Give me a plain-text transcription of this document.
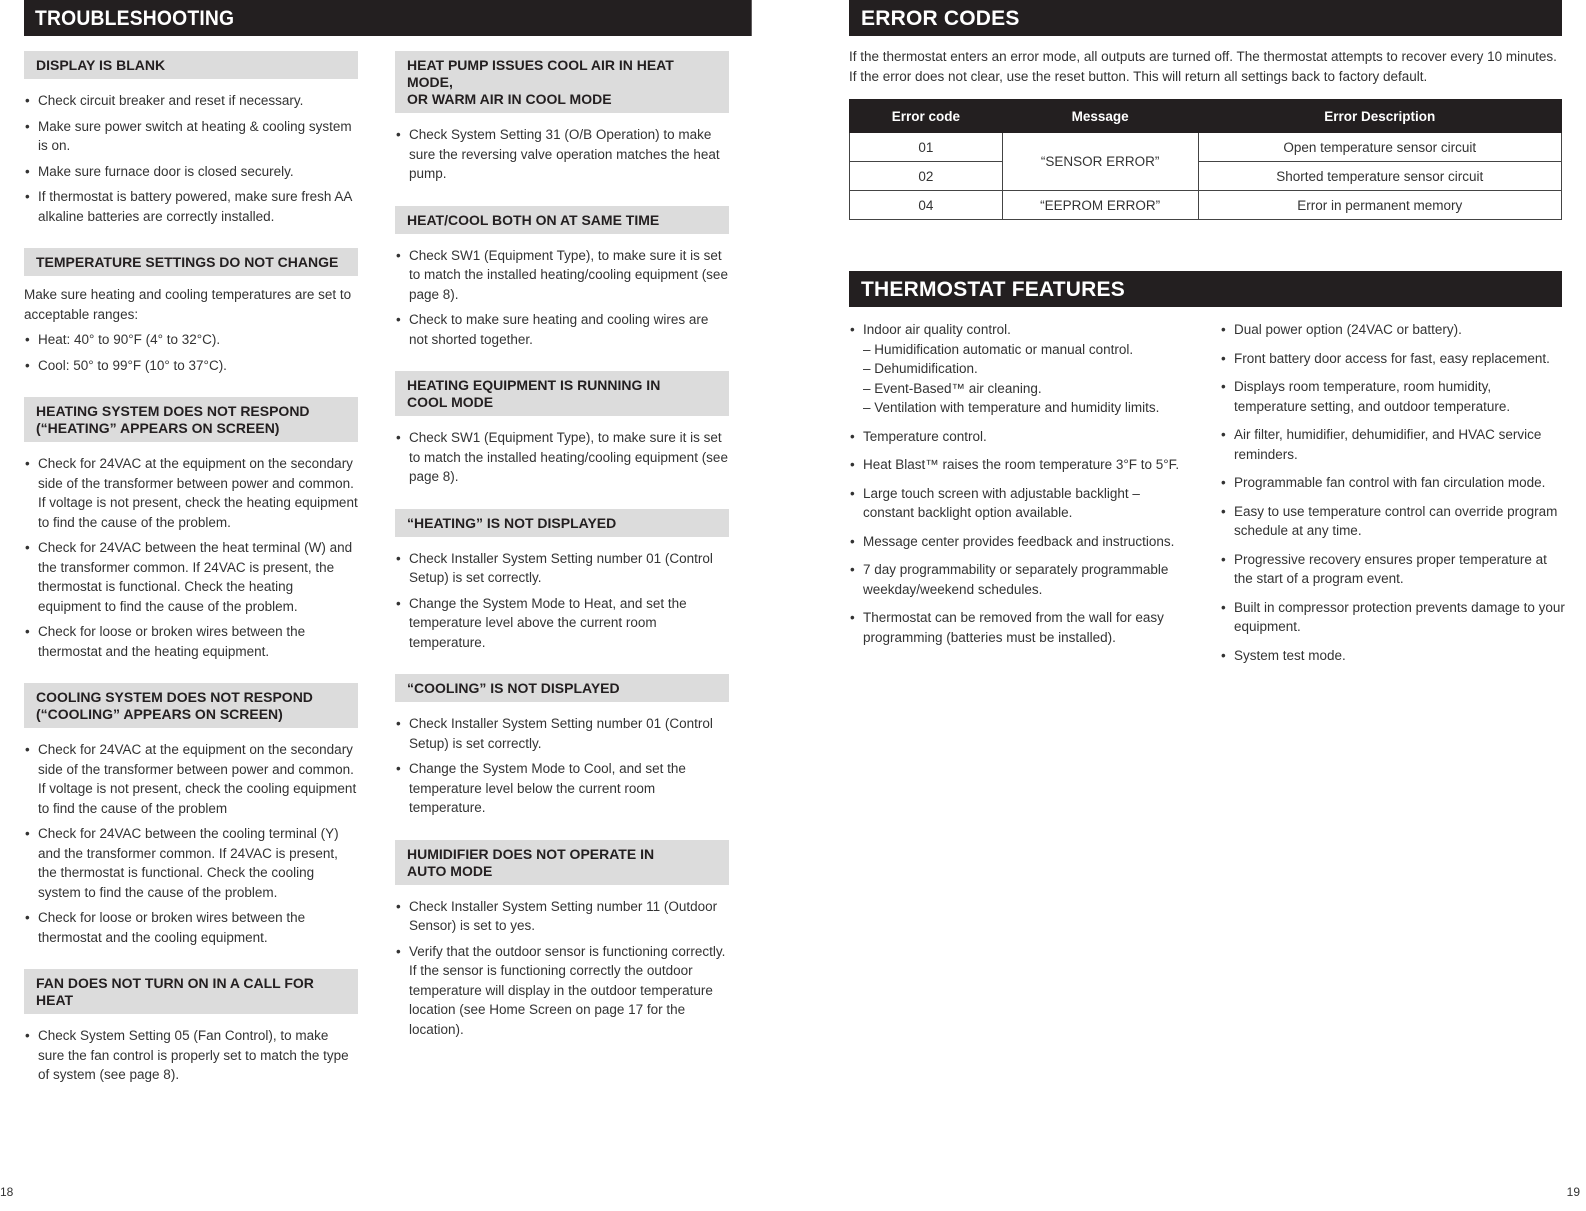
TROUBLESHOOTING
DISPLAY IS BLANK
• Check circuit breaker and reset if necessary.
• Make sure power switch at heating & cooling system is on.
• Make sure furnace door is closed securely.
• If thermostat is battery powered, make sure fresh AA alkaline batteries are correctly installed.
TEMPERATURE SETTINGS DO NOT CHANGE
Make sure heating and cooling temperatures are set to acceptable ranges:
• Heat: 40° to 90°F (4° to 32°C).
• Cool: 50° to 99°F (10° to 37°C).
HEATING SYSTEM DOES NOT RESPOND
(“HEATING” APPEARS ON SCREEN)
• Check for 24VAC at the equipment on the secondary side of the transformer between power and common. If voltage is not present, check the heating equipment to find the cause of the problem.
• Check for 24VAC between the heat terminal (W) and the transformer common. If 24VAC is present, the thermostat is functional. Check the heating equipment to find the cause of the problem.
• Check for loose or broken wires between the thermostat and the heating equipment.
COOLING SYSTEM DOES NOT RESPOND
(“COOLING” APPEARS ON SCREEN)
• Check for 24VAC at the equipment on the secondary side of the transformer between power and common. If voltage is not present, check the cooling equipment to find the cause of the problem
• Check for 24VAC between the cooling terminal (Y) and the transformer common. If 24VAC is present, the thermostat is functional. Check the cooling system to find the cause of the problem.
• Check for loose or broken wires between the thermostat and the cooling equipment.
FAN DOES NOT TURN ON IN A CALL FOR HEAT
• Check System Setting 05 (Fan Control), to make sure the fan control is properly set to match the type of system (see page 8).
HEAT PUMP ISSUES COOL AIR IN HEAT MODE,
OR WARM AIR IN COOL MODE
• Check System Setting 31 (O/B Operation) to make sure the reversing valve operation matches the heat pump.
HEAT/COOL BOTH ON AT SAME TIME
• Check SW1 (Equipment Type), to make sure it is set to match the installed heating/cooling equipment (see page 8).
• Check to make sure heating and cooling wires are not shorted together.
HEATING EQUIPMENT IS RUNNING IN
COOL MODE
• Check SW1 (Equipment Type), to make sure it is set to match the installed heating/cooling equipment (see page 8).
“HEATING” IS NOT DISPLAYED
• Check Installer System Setting number 01 (Control Setup) is set correctly.
• Change the System Mode to Heat, and set the temperature level above the current room temperature.
“COOLING” IS NOT DISPLAYED
• Check Installer System Setting number 01 (Control Setup) is set correctly.
• Change the System Mode to Cool, and set the temperature level below the current room temperature.
HUMIDIFIER DOES NOT OPERATE IN
AUTO MODE
• Check Installer System Setting number 11 (Outdoor Sensor) is set to yes.
• Verify that the outdoor sensor is functioning correctly. If the sensor is functioning correctly the outdoor temperature will display in the outdoor temperature location (see Home Screen on page 17 for the location).
18
ERROR CODES
If the thermostat enters an error mode, all outputs are turned off. The thermostat attempts to recover every 10 minutes.
If the error does not clear, use the reset button. This will return all settings back to factory default.
Error code	Message	Error Description
01	“SENSOR ERROR”	Open temperature sensor circuit
02		Shorted temperature sensor circuit
04	“EEPROM ERROR”	Error in permanent memory
THERMOSTAT FEATURES
• Indoor air quality control.
– Humidification automatic or manual control.
– Dehumidification.
– Event-Based™ air cleaning.
– Ventilation with temperature and humidity limits.
• Temperature control.
• Heat Blast™ raises the room temperature 3°F to 5°F.
• Large touch screen with adjustable backlight – constant backlight option available.
• Message center provides feedback and instructions.
• 7 day programmability or separately programmable weekday/weekend schedules.
• Thermostat can be removed from the wall for easy programming (batteries must be installed).
• Dual power option (24VAC or battery).
• Front battery door access for fast, easy replacement.
• Displays room temperature, room humidity, temperature setting, and outdoor temperature.
• Air filter, humidifier, dehumidifier, and HVAC service reminders.
• Programmable fan control with fan circulation mode.
• Easy to use temperature control can override program schedule at any time.
• Progressive recovery ensures proper temperature at the start of a program event.
• Built in compressor protection prevents damage to your equipment.
• System test mode.
19
